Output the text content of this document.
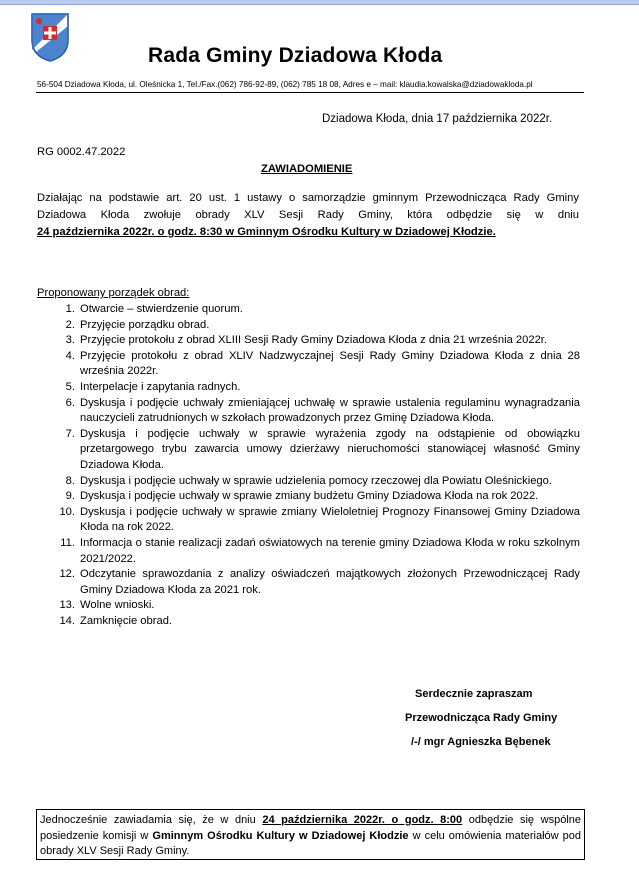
Rada Gminy Dziadowa Kłoda
56-504 Dziadowa Kłoda, ul. Oleśnicka 1, Tel./Fax.(062) 786-92-89, (062) 785 18 08, Adres e – mail: klaudia.kowalska@dziadowakloda.pl
Dziadowa Kłoda, dnia 17 października 2022r.
RG 0002.47.2022
ZAWIADOMIENIE
Działając na podstawie art. 20 ust. 1 ustawy o samorządzie gminnym Przewodnicząca Rady Gminy
Dziadowa Kłoda zwołuje obrady XLV Sesji Rady Gminy, która odbędzie się w dniu
24 października 2022r. o godz. 8:30 w Gminnym Ośrodku Kultury w Dziadowej Kłodzie.
Proponowany porządek obrad:
1. Otwarcie – stwierdzenie quorum.
2. Przyjęcie porządku obrad.
3. Przyjęcie protokołu z obrad XLIII Sesji Rady Gminy Dziadowa Kłoda z dnia 21 września 2022r.
4. Przyjęcie protokołu z obrad XLIV Nadzwyczajnej Sesji Rady Gminy Dziadowa Kłoda z dnia 28 września 2022r.
5. Interpelacje i zapytania radnych.
6. Dyskusja i podjęcie uchwały zmieniającej uchwałę w sprawie ustalenia regulaminu wynagradzania nauczycieli zatrudnionych w szkołach prowadzonych przez Gminę Dziadowa Kłoda.
7. Dyskusja i podjęcie uchwały w sprawie wyrażenia zgody na odstąpienie od obowiązku przetargowego trybu zawarcia umowy dzierżawy nieruchomości stanowiącej własność Gminy Dziadowa Kłoda.
8. Dyskusja i podjęcie uchwały w sprawie udzielenia pomocy rzeczowej dla Powiatu Oleśnickiego.
9. Dyskusja i podjęcie uchwały w sprawie zmiany budżetu Gminy Dziadowa Kłoda na rok 2022.
10. Dyskusja i podjęcie uchwały w sprawie zmiany Wieloletniej Prognozy Finansowej Gminy Dziadowa Kłoda na rok 2022.
11. Informacja o stanie realizacji zadań oświatowych na terenie gminy Dziadowa Kłoda w roku szkolnym 2021/2022.
12. Odczytanie sprawozdania z analizy oświadczeń majątkowych złożonych Przewodniczącej Rady Gminy Dziadowa Kłoda za 2021 rok.
13. Wolne wnioski.
14. Zamknięcie obrad.
Serdecznie zapraszam
Przewodnicząca Rady Gminy
/-/ mgr Agnieszka Bębenek
Jednocześnie zawiadamia się, że w dniu 24 października 2022r. o godz. 8:00 odbędzie się wspólne posiedzenie komisji w Gminnym Ośrodku Kultury w Dziadowej Kłodzie w celu omówienia materiałów pod obrady XLV Sesji Rady Gminy.
